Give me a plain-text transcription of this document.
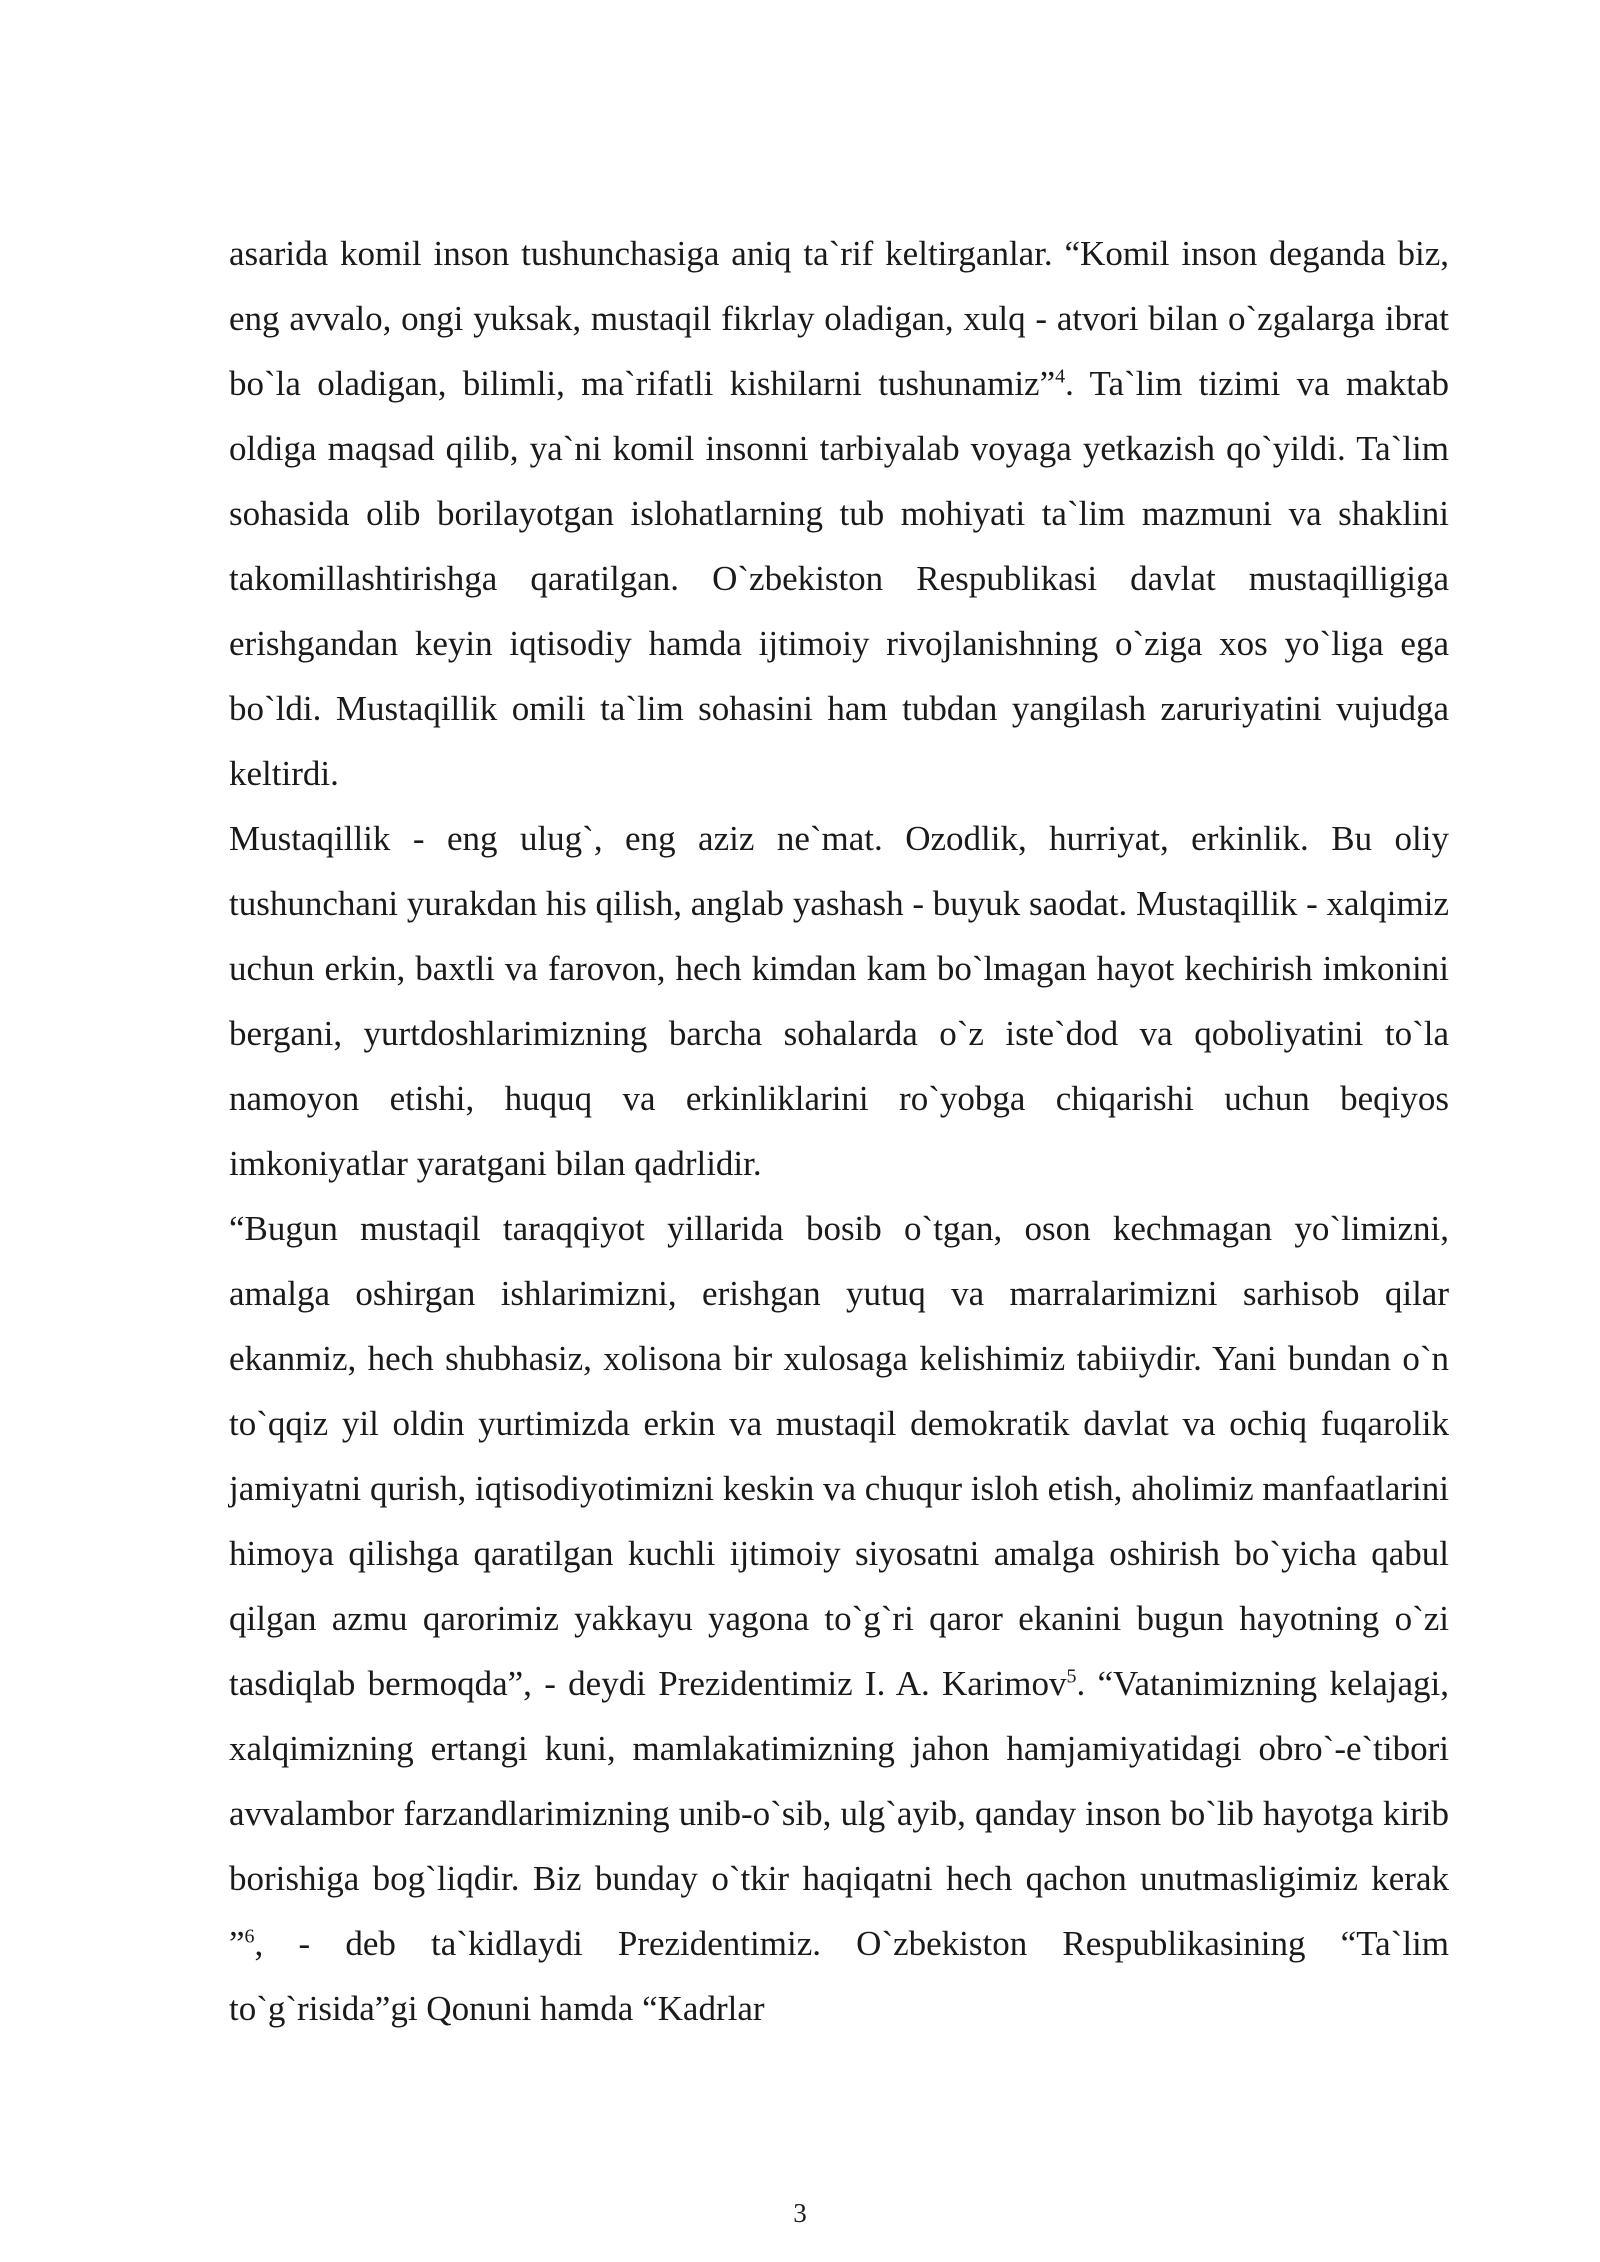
asarida komil inson tushunchasiga aniq ta`rif keltirganlar. “Komil inson deganda biz, eng avvalo, ongi yuksak, mustaqil fikrlay oladigan, xulq - atvori bilan o`zgalarga ibrat bo`la oladigan, bilimli, ma`rifatli kishilarni tushunamiz”$^4$. Ta`lim tizimi va maktab oldiga maqsad qilib, ya`ni komil insonni tarbiyalab voyaga yetkazish qo`yildi. Ta`lim sohasida olib borilayotgan islohatlarning tub mohiyati ta`lim mazmuni va shaklini takomillashtirishga qaratilgan. O`zbekiston Respublikasi davlat mustaqilligiga erishgandan keyin iqtisodiy hamda ijtimoiy rivojlanishning o`ziga xos yo`liga ega bo`ldi. Mustaqillik omili ta`lim sohasini ham tubdan yangilash zaruriyatini vujudga keltirdi.

Mustaqillik - eng ulug`, eng aziz ne`mat. Ozodlik, hurriyat, erkinlik. Bu oliy tushunchani yurakdan his qilish, anglab yashash - buyuk saodat. Mustaqillik - xalqimiz uchun erkin, baxtli va farovon, hech kimdan kam bo`lmagan hayot kechirish imkonini bergani, yurtdoshlarimizning barcha sohalarda o`z iste`dod va qoboliyatini to`la namoyon etishi, huquq va erkinliklarini ro`yobga chiqarishi uchun beqiyos imkoniyatlar yaratgani bilan qadrlidir.

“Bugun mustaqil taraqqiyot yillarida bosib o`tgan, oson kechmagan yo`limizni, amalga oshirgan ishlarimizni, erishgan yutuq va marralarimizni sarhisob qilar ekanmiz, hech shubhasiz, xolisona bir xulosaga kelishimiz tabiiydir. Yani bundan o`n to`qqiz yil oldin yurtimizda erkin va mustaqil demokratik davlat va ochiq fuqarolik jamiyatni qurish, iqtisodiyotimizni keskin va chuqur isloh etish, aholimiz manfaatlarini himoya qilishga qaratilgan kuchli ijtimoiy siyosatni amalga oshirish bo`yicha qabul qilgan azmu qarorimiz yakkayu yagona to`g`ri qaror ekanini bugun hayotning o`zi tasdiqlab bermoqda”, - deydi Prezidentimiz I. A. Karimov$^5$. “Vatanimizning kelajagi, xalqimizning ertangi kuni, mamlakatimizning jahon hamjamiyatidagi obro`-e`tibori avvalambor farzandlarimizning unib-o`sib, ulg`ayib, qanday inson bo`lib hayotga kirib borishiga bog`liqdir. Biz bunday o`tkir haqiqatni hech qachon unutmasligimiz kerak ”$^6$, - deb ta`kidlaydi Prezidentimiz. O`zbekiston Respublikasining “Ta`lim to`g`risida”gi Qonuni hamda “Kadrlar

3
